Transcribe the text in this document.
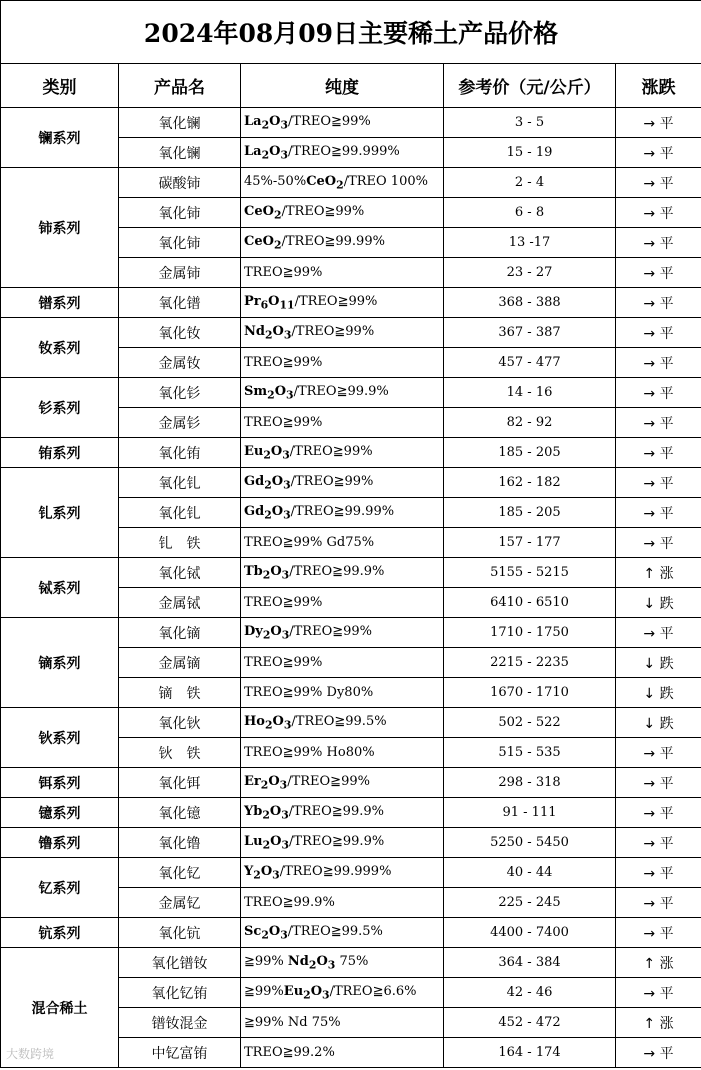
2024年08月09日主要稀土产品价格				
类别	产品名	纯度	参考价（元/公斤）	涨跌
镧系列	氧化镧	$La_2O_3/TREO≧99\%$	3 - 5	→ 平
	氧化镧	$La_2O_3/TREO≧99.999\%$	15 - 19	→ 平
铈系列	碳酸铈	45%-50%CeO$_2$/TREO 100%	2 - 4	→ 平
	氧化铈	CeO$_2$/TREO≧99%	6 - 8	→ 平
	氧化铈	CeO$_2$/TREO≧99.99%	13 -17	→ 平
	金属铈	TREO≧99%	23 - 27	→ 平
镨系列	氧化镨	$Pr_6O_{11}/TREO≧99\%$	368 - 388	→ 平
钕系列	氧化钕	$Nd_2O_3/TREO≧99\%$	367 - 387	→ 平
	金属钕	TREO≧99%	457 - 477	→ 平
钐系列	氧化钐	$Sm_2O_3/TREO≧99.9\%$	14 - 16	→ 平
	金属钐	TREO≧99%	82 - 92	→ 平
铕系列	氧化铕	$Eu_2O_3/TREO≧99\%$	185 - 205	→ 平
钆系列	氧化钆	$Gd_2O_3/TREO≧99\%$	162 - 182	→ 平
	氧化钆	$Gd_2O_3/TREO≧99.99\%$	185 - 205	→ 平
	钆　铁	TREO≧99% Gd75%	157 - 177	→ 平
铽系列	氧化铽	$Tb_2O_3/TREO≧99.9\%$	5155 - 5215	↑ 涨
	金属铽	TREO≧99%	6410 - 6510	↓ 跌
镝系列	氧化镝	$Dy_2O_3/TREO≧99\%$	1710 - 1750	→ 平
	金属镝	TREO≧99%	2215 - 2235	↓ 跌
	镝　铁	TREO≧99% Dy80%	1670 - 1710	↓ 跌
钬系列	氧化钬	$Ho_2O_3/TREO≧99.5\%$	502 - 522	↓ 跌
	钬　铁	TREO≧99% Ho80%	515 - 535	→ 平
铒系列	氧化铒	$Er_2O_3/TREO≧99\%$	298 - 318	→ 平
镱系列	氧化镱	$Yb_2O_3/TREO≧99.9\%$	91 - 111	→ 平
镥系列	氧化镥	$Lu_2O_3/TREO≧99.9\%$	5250 - 5450	→ 平
钇系列	氧化钇	$Y_2O_3/TREO≧99.999\%$	40 - 44	→ 平
	金属钇	TREO≧99.9%	225 - 245	→ 平
钪系列	氧化钪	$Sc_2O_3/TREO≧99.5\%$	4400 - 7400	→ 平
混合稀土	氧化镨钕	≧99% $Nd_2O_3$ 75%	364 - 384	↑ 涨
	氧化钇铕	$≧99\%Eu_2O_3/TREO≧6.6\%$	42 - 46	→ 平
	镨钕混金	≧99% Nd 75%	452 - 472	↑ 涨
	中钇富铕	TREO≧99.2%	164 - 174	→ 平
大数跨境
